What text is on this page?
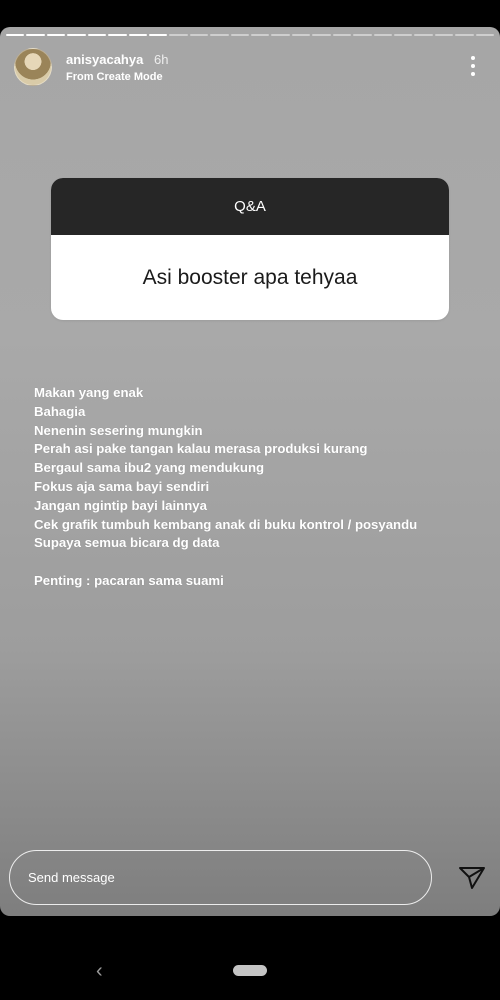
anisyacahya 6h
From Create Mode
Q&A
Asi booster apa tehyaa
Makan yang enak
Bahagia
Nenenin sesering mungkin
Perah asi pake tangan kalau merasa produksi kurang
Bergaul sama ibu2 yang mendukung
Fokus aja sama bayi sendiri
Jangan ngintip bayi lainnya
Cek grafik tumbuh kembang anak di buku kontrol / posyandu
Supaya semua bicara dg data
Penting : pacaran sama suami
Send message
‹
